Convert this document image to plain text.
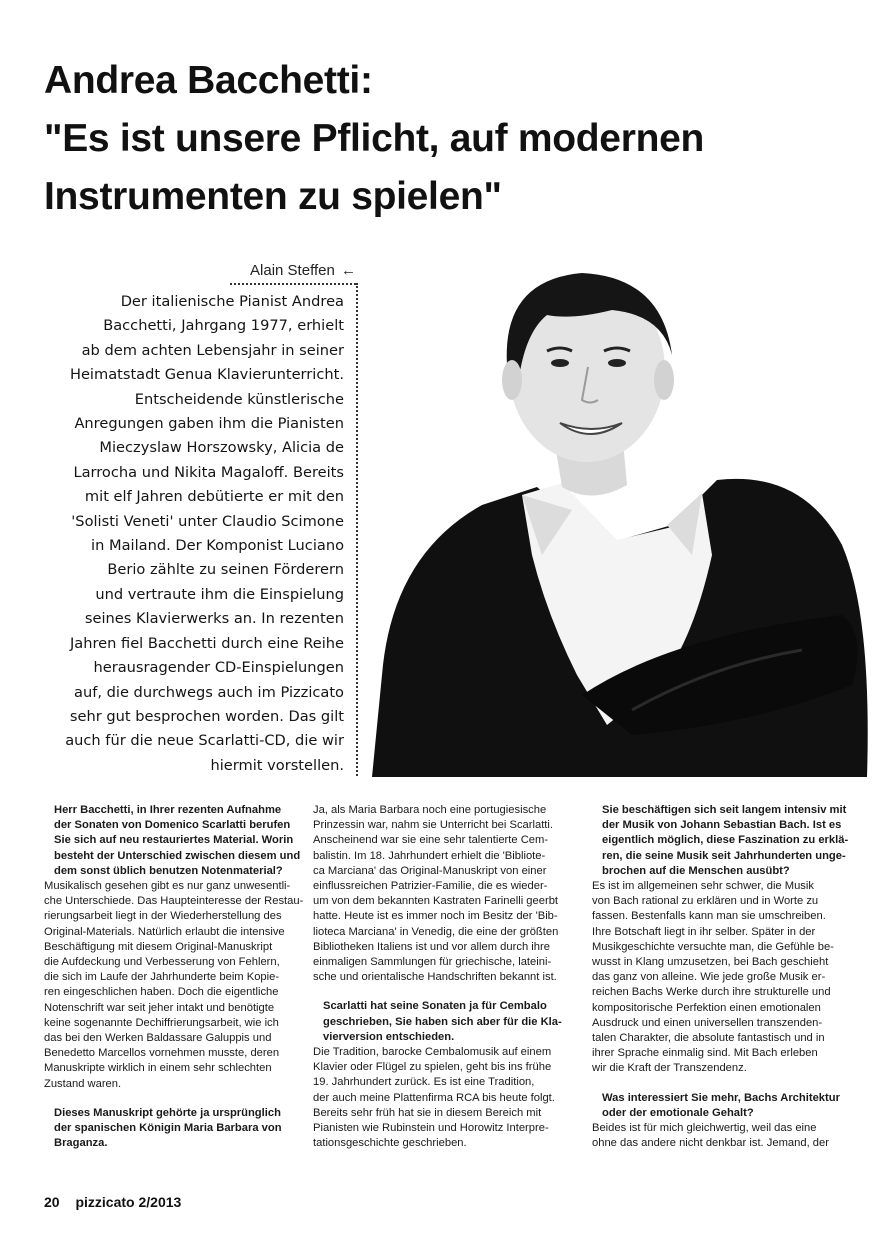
Andrea Bacchetti:
"Es ist unsere Pflicht, auf modernen
Instrumenten zu spielen"
Alain Steffen ←
Der italienische Pianist Andrea
Bacchetti, Jahrgang 1977, erhielt
ab dem achten Lebensjahr in seiner
Heimatstadt Genua Klavierunterricht.
Entscheidende künstlerische
Anregungen gaben ihm die Pianisten
Mieczyslaw Horszowsky, Alicia de
Larrocha und Nikita Magaloff. Bereits
mit elf Jahren debütierte er mit den
'Solisti Veneti' unter Claudio Scimone
in Mailand. Der Komponist Luciano
Berio zählte zu seinen Förderern
und vertraute ihm die Einspielung
seines Klavierwerks an. In rezenten
Jahren fiel Bacchetti durch eine Reihe
herausragender CD-Einspielungen
auf, die durchwegs auch im Pizzicato
sehr gut besprochen worden. Das gilt
auch für die neue Scarlatti-CD, die wir
hiermit vorstellen.
Herr Bacchetti, in Ihrer rezenten Aufnahme
der Sonaten von Domenico Scarlatti berufen
Sie sich auf neu restauriertes Material. Worin
besteht der Unterschied zwischen diesem und
dem sonst üblich benutzen Notenmaterial?
Musikalisch gesehen gibt es nur ganz unwesentli-
che Unterschiede. Das Haupteinteresse der Restau-
rierungsarbeit liegt in der Wiederherstellung des
Original-Materials. Natürlich erlaubt die intensive
Beschäftigung mit diesem Original-Manuskript
die Aufdeckung und Verbesserung von Fehlern,
die sich im Laufe der Jahrhunderte beim Kopie-
ren eingeschlichen haben. Doch die eigentliche
Notenschrift war seit jeher intakt und benötigte
keine sogenannte Dechiffrierungsarbeit, wie ich
das bei den Werken Baldassare Galuppis und
Benedetto Marcellos vornehmen musste, deren
Manuskripte wirklich in einem sehr schlechten
Zustand waren.
Dieses Manuskript gehörte ja ursprünglich
der spanischen Königin Maria Barbara von
Braganza.
Ja, als Maria Barbara noch eine portugiesische
Prinzessin war, nahm sie Unterricht bei Scarlatti.
Anscheinend war sie eine sehr talentierte Cem-
balistin. Im 18. Jahrhundert erhielt die 'Bibliote-
ca Marciana' das Original-Manuskript von einer
einflussreichen Patrizier-Familie, die es wieder-
um von dem bekannten Kastraten Farinelli geerbt
hatte. Heute ist es immer noch im Besitz der 'Bib-
lioteca Marciana' in Venedig, die eine der größten
Bibliotheken Italiens ist und vor allem durch ihre
einmaligen Sammlungen für griechische, lateini-
sche und orientalische Handschriften bekannt ist.
Scarlatti hat seine Sonaten ja für Cembalo
geschrieben, Sie haben sich aber für die Kla-
vierversion entschieden.
Die Tradition, barocke Cembalomusik auf einem
Klavier oder Flügel zu spielen, geht bis ins frühe
19. Jahrhundert zurück. Es ist eine Tradition,
der auch meine Plattenfirma RCA bis heute folgt.
Bereits sehr früh hat sie in diesem Bereich mit
Pianisten wie Rubinstein und Horowitz Interpre-
tationsgeschichte geschrieben.
Sie beschäftigen sich seit langem intensiv mit
der Musik von Johann Sebastian Bach. Ist es
eigentlich möglich, diese Faszination zu erklä-
ren, die seine Musik seit Jahrhunderten unge-
brochen auf die Menschen ausübt?
Es ist im allgemeinen sehr schwer, die Musik
von Bach rational zu erklären und in Worte zu
fassen. Bestenfalls kann man sie umschreiben.
Ihre Botschaft liegt in ihr selber. Später in der
Musikgeschichte versuchte man, die Gefühle be-
wusst in Klang umzusetzen, bei Bach geschieht
das ganz von alleine. Wie jede große Musik er-
reichen Bachs Werke durch ihre strukturelle und
kompositorische Perfektion einen emotionalen
Ausdruck und einen universellen transzenden-
talen Charakter, die absolute fantastisch und in
ihrer Sprache einmalig sind. Mit Bach erleben
wir die Kraft der Transzendenz.
Was interessiert Sie mehr, Bachs Architektur
oder der emotionale Gehalt?
Beides ist für mich gleichwertig, weil das eine
ohne das andere nicht denkbar ist. Jemand, der
20 pizzicato 2/2013
